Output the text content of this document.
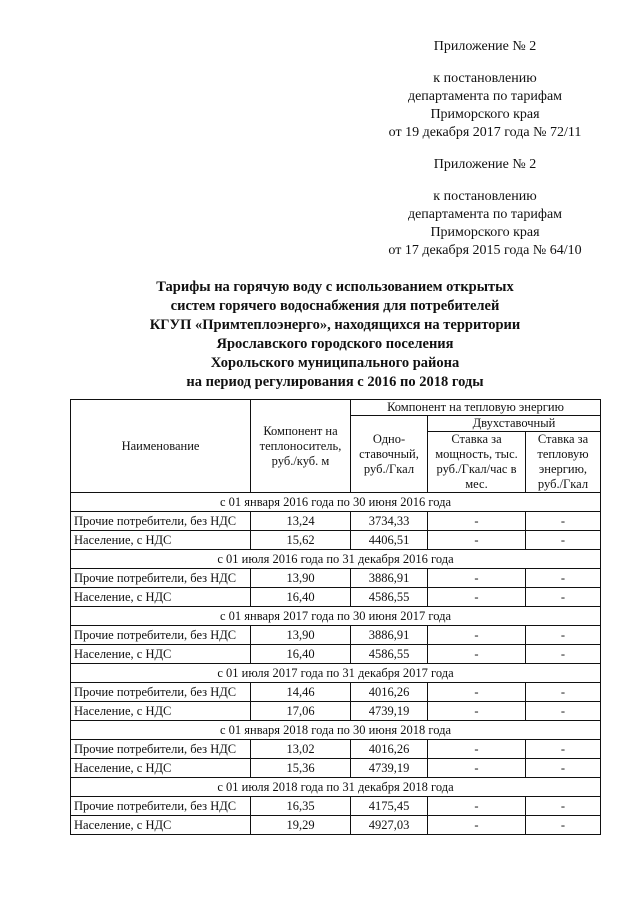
Приложение № 2
к постановлению
департамента по тарифам
Приморского края
от 19 декабря 2017 года № 72/11
Приложение № 2
к постановлению
департамента по тарифам
Приморского края
от 17 декабря 2015 года № 64/10
Тарифы на горячую воду с использованием открытых
систем горячего водоснабжения для потребителей
КГУП «Примтеплоэнерго», находящихся на территории
Ярославского городского поселения
Хорольского муниципального района
на период регулирования с 2016 по 2018 годы
Наименование	Компонент на теплоноситель, руб./куб. м	Компонент на тепловую энергию		
		Одно-ставочный, руб./Гкал	Двухставочный	
			Ставка за мощность, тыс. руб./Гкал/час в мес.	Ставка за тепловую энергию, руб./Гкал
с 01 января 2016 года по 30 июня 2016 года				
Прочие потребители, без НДС	13,24	3734,33	-	-
Население, с НДС	15,62	4406,51	-	-
с 01 июля 2016 года по 31 декабря 2016 года				
Прочие потребители, без НДС	13,90	3886,91	-	-
Население, с НДС	16,40	4586,55	-	-
с 01 января 2017 года по 30 июня 2017 года				
Прочие потребители, без НДС	13,90	3886,91	-	-
Население, с НДС	16,40	4586,55	-	-
с 01 июля 2017 года по 31 декабря 2017 года				
Прочие потребители, без НДС	14,46	4016,26	-	-
Население, с НДС	17,06	4739,19	-	-
с 01 января 2018 года по 30 июня 2018 года				
Прочие потребители, без НДС	13,02	4016,26	-	-
Население, с НДС	15,36	4739,19	-	-
с 01 июля 2018 года по 31 декабря 2018 года				
Прочие потребители, без НДС	16,35	4175,45	-	-
Население, с НДС	19,29	4927,03	-	-
